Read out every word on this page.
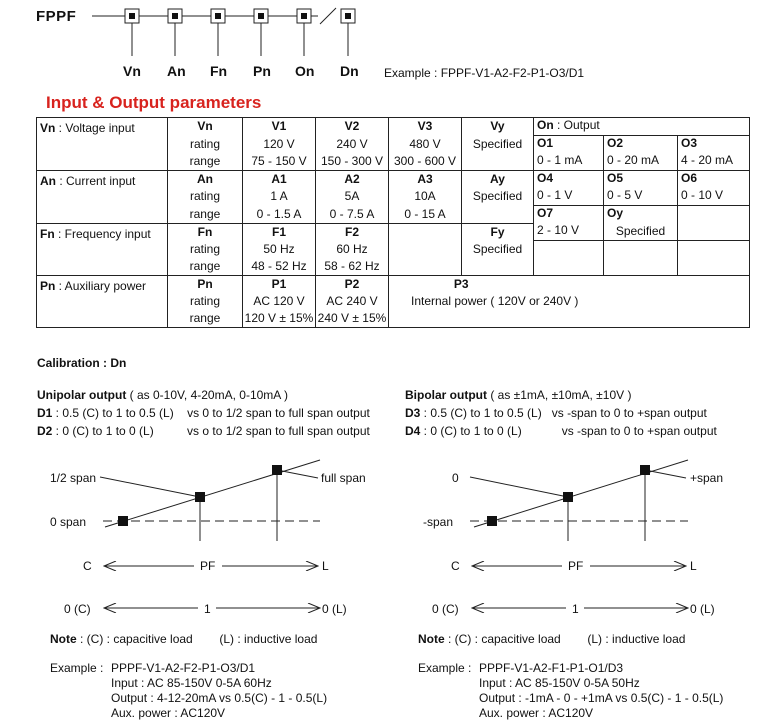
FPPF
Vn An Fn Pn On Dn Example : FPPF-V1-A2-F2-P1-O3/D1
Input & Output parameters
Vn : Voltage input	Vn	V1	V2	V3	Vy	On : Output		
	rating	120 V	240 V	480 V	Specified	O1	O2	O3
	range	75 - 150 V	150 - 300 V	300 - 600 V		0 - 1 mA	0 - 20 mA	4 - 20 mA
An : Current input	An	A1	A2	A3	Ay	O4	O5	O6
	rating	1 A	5A	10A	Specified	0 - 1 V	0 - 5 V	0 - 10 V
	range	0 - 1.5 A	0 - 7.5 A	0 - 15 A		O7	Oy	
Fn : Frequency input	Fn	F1	F2		Fy	2 - 10 V	Specified	
	rating	50 Hz	60 Hz		Specified			
	range	48 - 52 Hz	58 - 62 Hz					
Pn : Auxiliary power	Pn	P1	P2	P3				
	rating	AC 120 V	AC 240 V	Internal power ( 120V or 240V )				
	range	120 V ± 15%	240 V ± 15%					
Calibration : Dn
Unipolar output ( as 0-10V, 4-20mA, 0-10mA )
D1 : 0.5 (C) to 1 to 0.5 (L)    vs 0 to 1/2 span to full span output
D2 : 0 (C) to 1 to 0 (L)          vs o to 1/2 span to full span output
Bipolar output ( as ±1mA, ±10mA, ±10V )
D3 : 0.5 (C) to 1 to 0.5 (L)   vs -span to 0 to +span output
D4 : 0 (C) to 1 to 0 (L)            vs -span to 0 to +span output
1/2 span
0 span
full span
C	PF	L
0 (C)	1	0 (L)
Note : (C) : capacitive load        (L) : inductive load
0
-span
+span
C	PF	L
0 (C)	1	0 (L)
Note : (C) : capacitive load        (L) : inductive load
Example : PPPF-V1-A2-F2-P1-O3/D1
Input : AC 85-150V 0-5A 60Hz
Output : 4-12-20mA vs 0.5(C) - 1 - 0.5(L)
Aux. power : AC120V
Example : PPPF-V1-A2-F1-P1-O1/D3
Input : AC 85-150V 0-5A 50Hz
Output : -1mA - 0 - +1mA vs 0.5(C) - 1 - 0.5(L)
Aux. power : AC120V
